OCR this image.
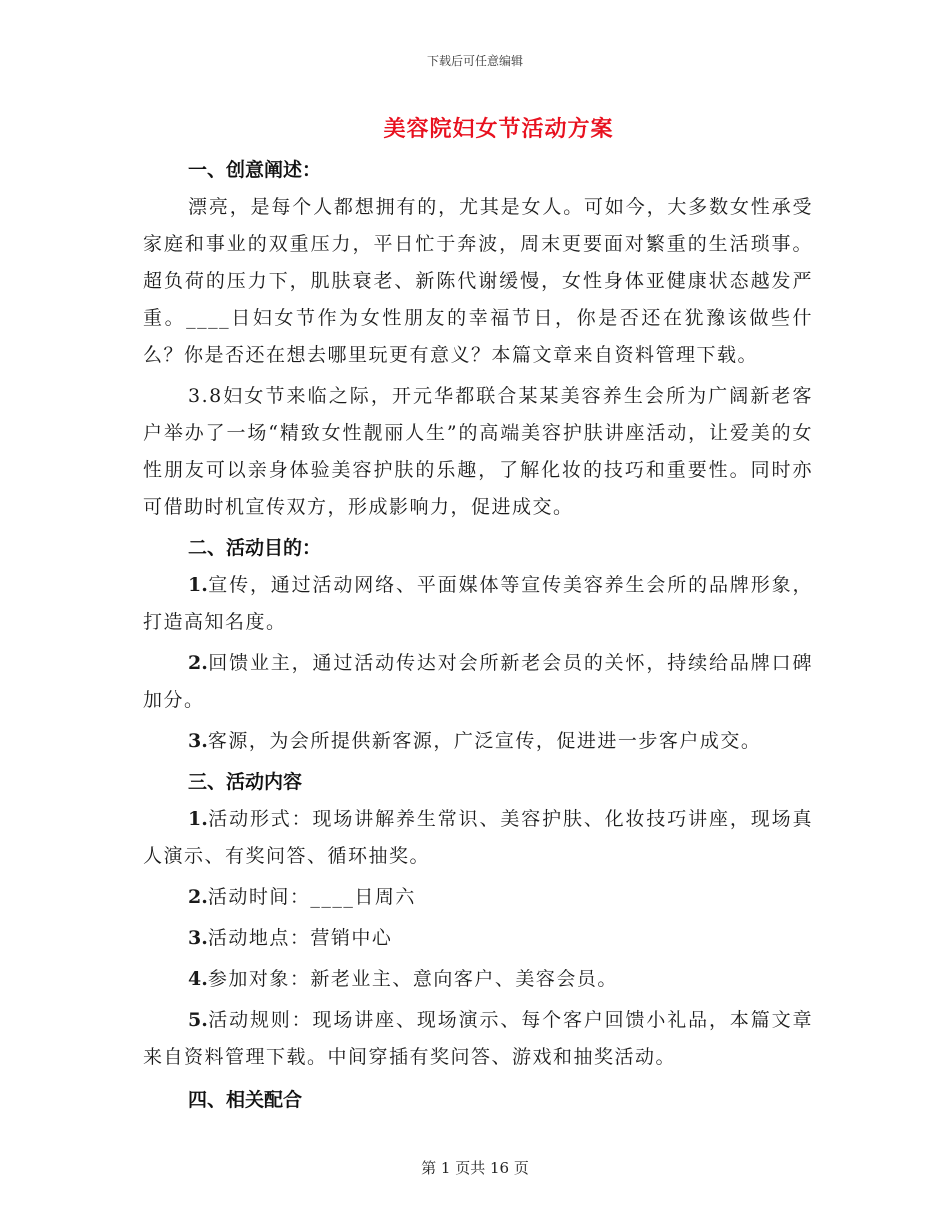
下载后可任意编辑
美容院妇女节活动方案
一、创意阐述：
漂亮，是每个人都想拥有的，尤其是女人。可如今，大多数女性承受家庭和事业的双重压力，平日忙于奔波，周末更要面对繁重的生活琐事。超负荷的压力下，肌肤衰老、新陈代谢缓慢，女性身体亚健康状态越发严重。____日妇女节作为女性朋友的幸福节日，你是否还在犹豫该做些什么？你是否还在想去哪里玩更有意义？本篇文章来自资料管理下载。
3.8妇女节来临之际，开元华都联合某某美容养生会所为广阔新老客户举办了一场“精致女性靓丽人生”的高端美容护肤讲座活动，让爱美的女性朋友可以亲身体验美容护肤的乐趣，了解化妆的技巧和重要性。同时亦可借助时机宣传双方，形成影响力，促进成交。
二、活动目的：
1.宣传，通过活动网络、平面媒体等宣传美容养生会所的品牌形象，打造高知名度。
2.回馈业主，通过活动传达对会所新老会员的关怀，持续给品牌口碑加分。
3.客源，为会所提供新客源，广泛宣传，促进进一步客户成交。
三、活动内容
1.活动形式：现场讲解养生常识、美容护肤、化妆技巧讲座，现场真人演示、有奖问答、循环抽奖。
2.活动时间：____日周六
3.活动地点：营销中心
4.参加对象：新老业主、意向客户、美容会员。
5.活动规则：现场讲座、现场演示、每个客户回馈小礼品，本篇文章来自资料管理下载。中间穿插有奖问答、游戏和抽奖活动。
四、相关配合
第 1 页共 16 页
